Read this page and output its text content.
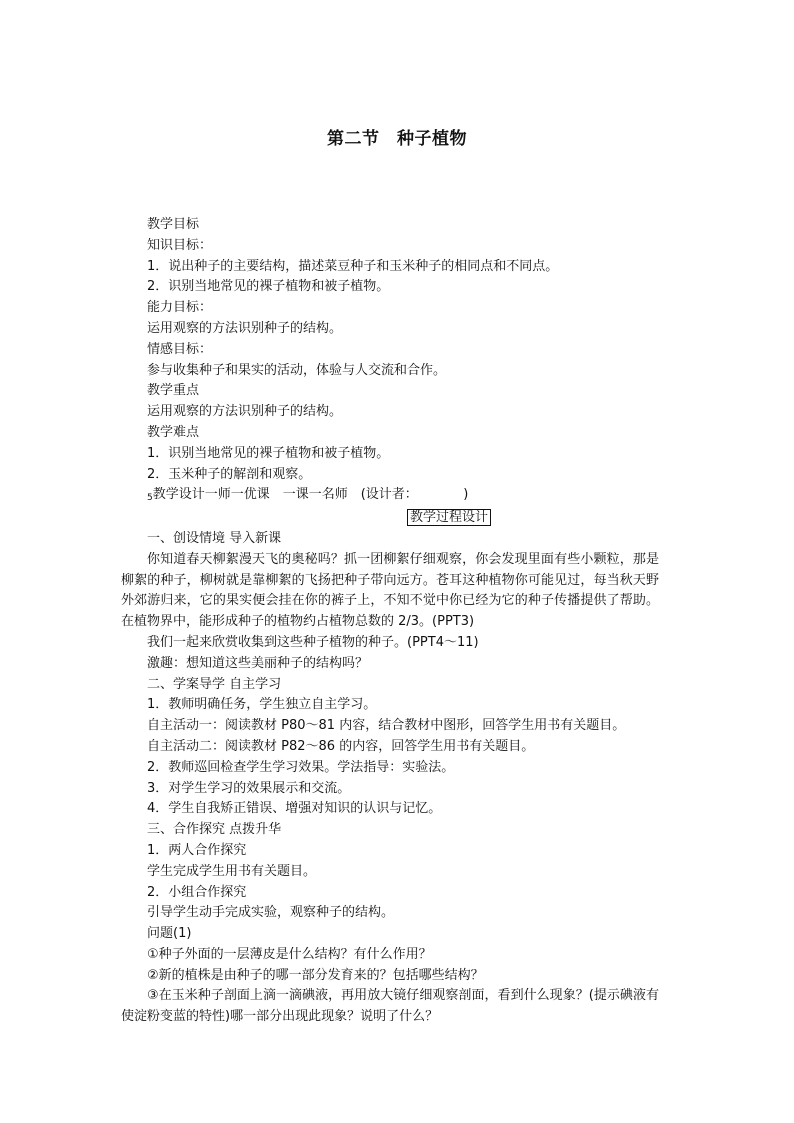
第二节　种子植物

教学目标

知识目标：

1．说出种子的主要结构，描述菜豆种子和玉米种子的相同点和不同点。

2．识别当地常见的裸子植物和被子植物。

能力目标：

运用观察的方法识别种子的结构。

情感目标：

参与收集种子和果实的活动，体验与人交流和合作。

教学重点

运用观察的方法识别种子的结构。

教学难点

1．识别当地常见的裸子植物和被子植物。

2．玉米种子的解剖和观察。

5教学设计一师一优课　一课一名师　(设计者：　　　　)

教学过程设计

一、创设情境 导入新课

你知道春天柳絮漫天飞的奥秘吗？抓一团柳絮仔细观察，你会发现里面有些小颗粒，那是柳絮的种子，柳树就是靠柳絮的飞扬把种子带向远方。苍耳这种植物你可能见过，每当秋天野外郊游归来，它的果实便会挂在你的裤子上，不知不觉中你已经为它的种子传播提供了帮助。在植物界中，能形成种子的植物约占植物总数的 2/3。(PPT3)

我们一起来欣赏收集到这些种子植物的种子。(PPT4～11)

激趣：想知道这些美丽种子的结构吗？

二、学案导学 自主学习

1．教师明确任务，学生独立自主学习。

自主活动一：阅读教材 P80～81 内容，结合教材中图形，回答学生用书有关题目。

自主活动二：阅读教材 P82～86 的内容，回答学生用书有关题目。

2．教师巡回检查学生学习效果。学法指导：实验法。

3．对学生学习的效果展示和交流。

4．学生自我矫正错误、增强对知识的认识与记忆。

三、合作探究 点拨升华

1．两人合作探究

学生完成学生用书有关题目。

2．小组合作探究

引导学生动手完成实验，观察种子的结构。

问题(1)

①种子外面的一层薄皮是什么结构？有什么作用？

②新的植株是由种子的哪一部分发育来的？包括哪些结构？

③在玉米种子剖面上滴一滴碘液，再用放大镜仔细观察剖面，看到什么现象？(提示碘液有使淀粉变蓝的特性)哪一部分出现此现象？说明了什么？
